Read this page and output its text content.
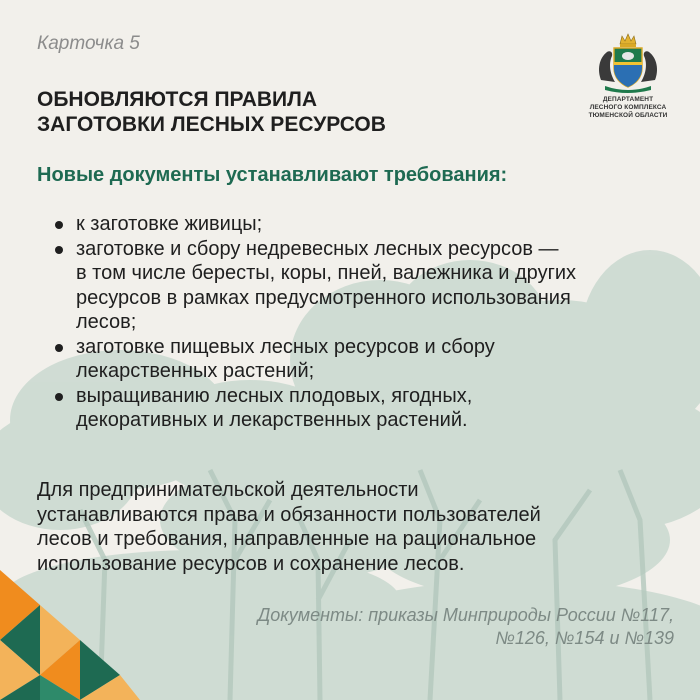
Карточка 5
ДЕПАРТАМЕНТ
ЛЕСНОГО КОМПЛЕКСА
ТЮМЕНСКОЙ ОБЛАСТИ
ОБНОВЛЯЮТСЯ ПРАВИЛА
ЗАГОТОВКИ ЛЕСНЫХ РЕСУРСОВ
Новые документы устанавливают требования:
к заготовке живицы;
заготовке и сбору недревесных лесных ресурсов —
в том числе бересты, коры, пней, валежника и других
ресурсов в рамках предусмотренного использования
лесов;
заготовке пищевых лесных ресурсов и сбору
лекарственных растений;
выращиванию лесных плодовых, ягодных,
декоративных и лекарственных растений.
Для предпринимательской деятельности
устанавливаются права и обязанности пользователей
лесов и требования, направленные на рациональное
использование ресурсов и сохранение лесов.
Документы: приказы Минприроды России №117,
№126, №154 и №139
